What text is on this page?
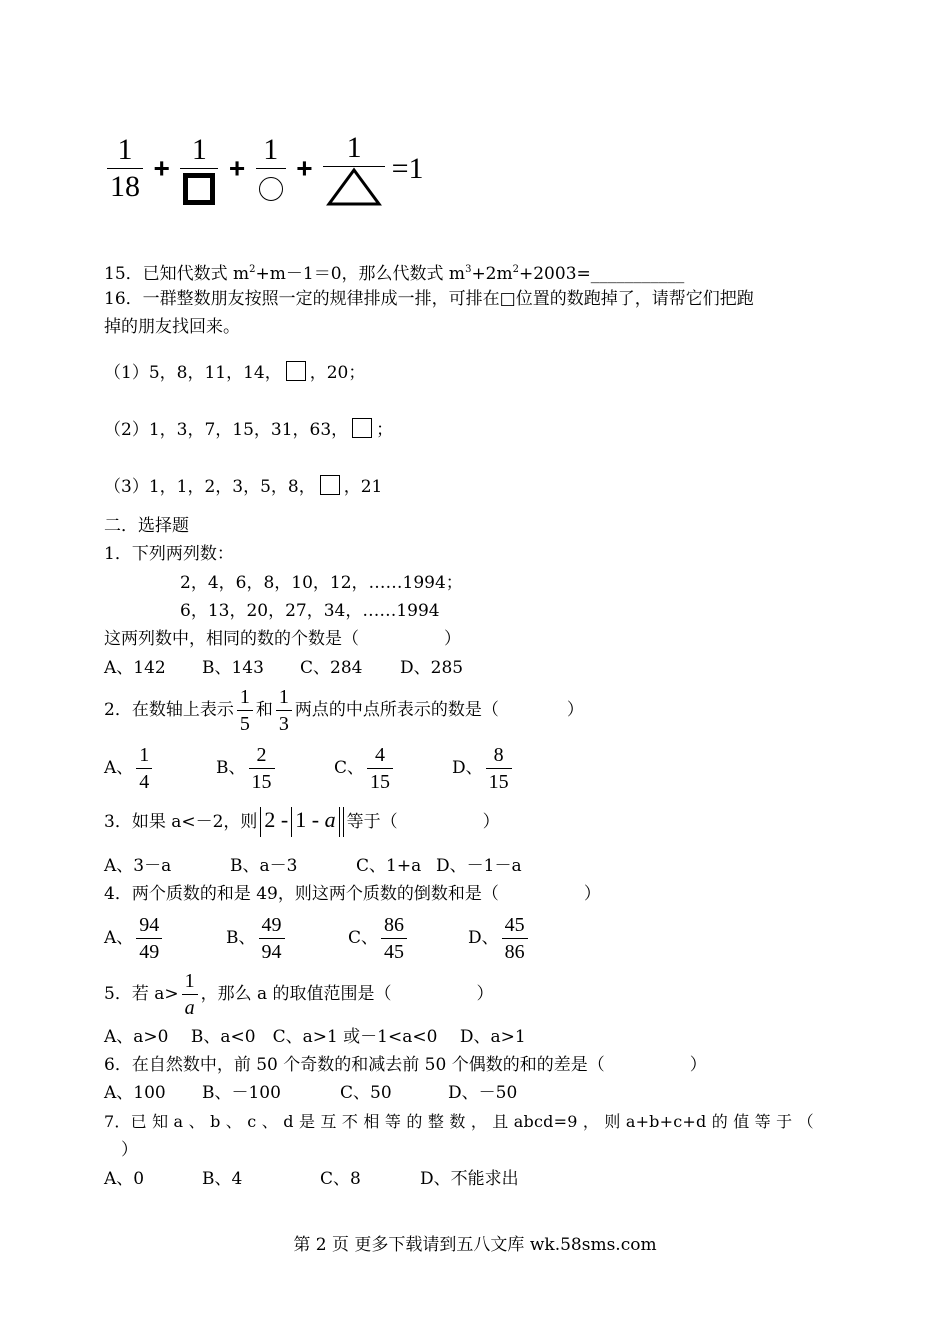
$\frac{1}{18}$ +
1
+
1
+
1
=1
15．已知代数式 $m^2+m-1=0$，那么代数式 $m^3+2m^2+2003=\_\_\_\_\_\_\_\_\_\_\_$
16．一群整数朋友按照一定的规律排成一排，可排在□位置的数跑掉了，请帮它们把跑
掉的朋友找回来。
（1）5，8，11，14， ，20；
（2）1，3，7，15，31，63， ；
（3）1，1，2，3，5，8， ，21
二．选择题
1．下列两列数：
2，4，6，8，10，12，……1994；
6，13，20，27，34，……1994
这两列数中，相同的数的个数是（　　　　　）
A、142 B、143 C、284 D、285
2．在数轴上表示 $\frac{1}{5}$ 和 $\frac{1}{3}$ 两点的中点所表示的数是（　　　　）
A、 $\frac{1}{4}$	B、 $\frac{2}{15}$	C、 $\frac{4}{15}$	D、 $\frac{8}{15}$
3．如果 a<－2，则 2 - 1 - a 等于（　　　　　）
A、3－a	B、a－3	C、1+a D、－1－a
4．两个质数的和是 49，则这两个质数的倒数和是（　　　　　）
A、 $\frac{94}{49}$	B、 $\frac{49}{94}$	C、 $\frac{86}{45}$	D、 $\frac{45}{86}$
5．若 $a> \frac{1}{a}$ ，那么 a 的取值范围是（　　　　　）
A、a>0　 B、a<0　C、a>1 或－1<a<0　 D、a>1
6．在自然数中，前 50 个奇数的和减去前 50 个偶数的和的差是（　　　　　）
A、100 B、－100	C、50	D、－50
7．已 知 a 、 b 、 c 、 d 是 互 不 相 等 的 整 数 ， 且 abcd=9 ， 则 a+b+c+d 的 值 等 于 （
　）
A、0	B、4	C、8	D、不能求出
第 2 页 更多下载请到五八文库 wk.58sms.com
